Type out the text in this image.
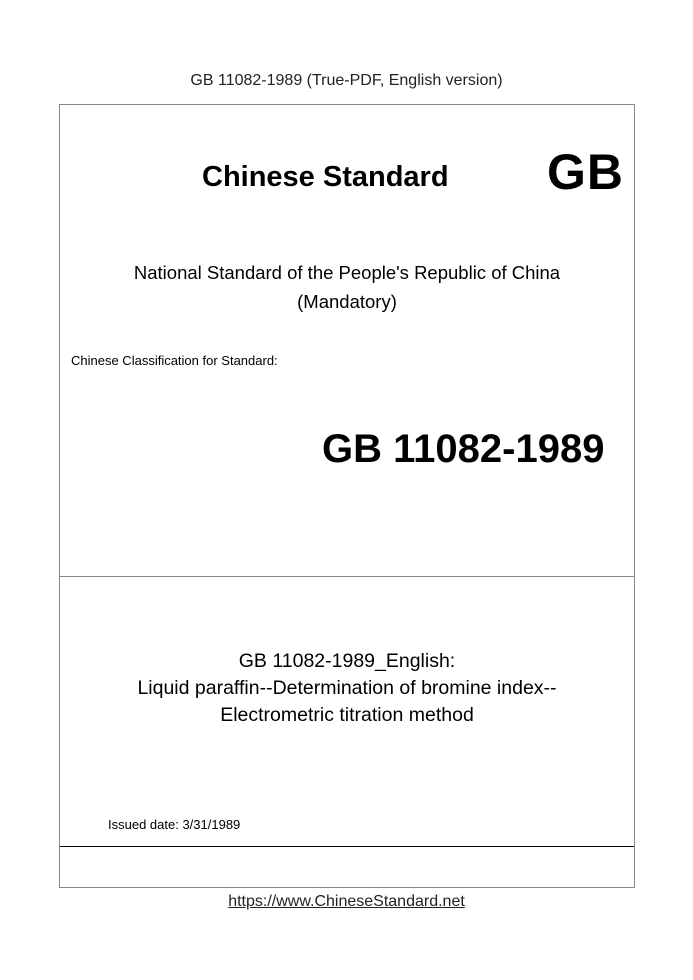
GB 11082-1989 (True-PDF, English version)
Chinese Standard GB
National Standard of the People's Republic of China
(Mandatory)
Chinese Classification for Standard:
GB 11082-1989
GB 11082-1989_English:
Liquid paraffin--Determination of bromine index--
Electrometric titration method
Issued date: 3/31/1989
https://www.ChineseStandard.net
